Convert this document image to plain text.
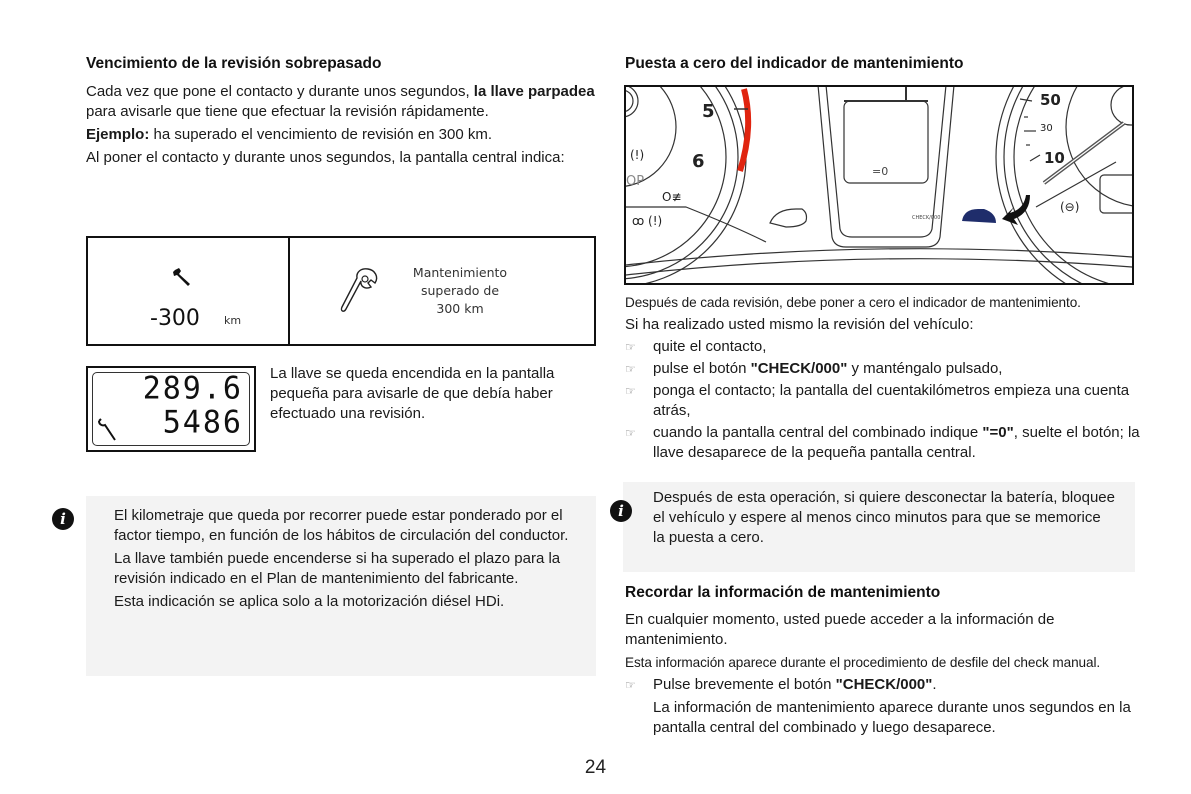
Vencimiento de la revisión sobrepasado

Cada vez que pone el contacto y durante unos segundos, la llave parpadea para avisarle que tiene que efectuar la revisión rápidamente.

Ejemplo: ha superado el vencimiento de revisión en 300 km.

Al poner el contacto y durante unos segundos, la pantalla central indica:

-300 km
Mantenimiento
superado de
300 km
289.6
5486
La llave se queda encendida en la pantalla pequeña para avisarle de que debía haber efectuado una revisión.

El kilometraje que queda por recorrer puede estar ponderado por el factor tiempo, en función de los hábitos de circulación del conductor.

La llave también puede encenderse si ha superado el plazo para la revisión indicado en el Plan de mantenimiento del fabricante.

Esta indicación se aplica solo a la motorización diésel HDi.

i
Puesta a cero del indicador de mantenimiento
5
6
50
30
10
=0
OP
(!)
O≢
ꝏ (!)
(⊖)
CHECK/000

Después de cada revisión, debe poner a cero el indicador de mantenimiento.

Si ha realizado usted mismo la revisión del vehículo:

☞ quite el contacto,
☞ pulse el botón "CHECK/000" y manténgalo pulsado,
☞ ponga el contacto; la pantalla del cuentakilómetros empieza una cuenta atrás,
☞ cuando la pantalla central del combinado indique "=0", suelte el botón; la llave desaparece de la pequeña pantalla central.

Después de esta operación, si quiere desconectar la batería, bloquee el vehículo y espere al menos cinco minutos para que se memorice la puesta a cero.

i
Recordar la información de mantenimiento

En cualquier momento, usted puede acceder a la información de mantenimiento.

Esta información aparece durante el procedimiento de desfile del check manual.

☞ Pulse brevemente el botón "CHECK/000".

La información de mantenimiento aparece durante unos segundos en la pantalla central del combinado y luego desaparece.

24
